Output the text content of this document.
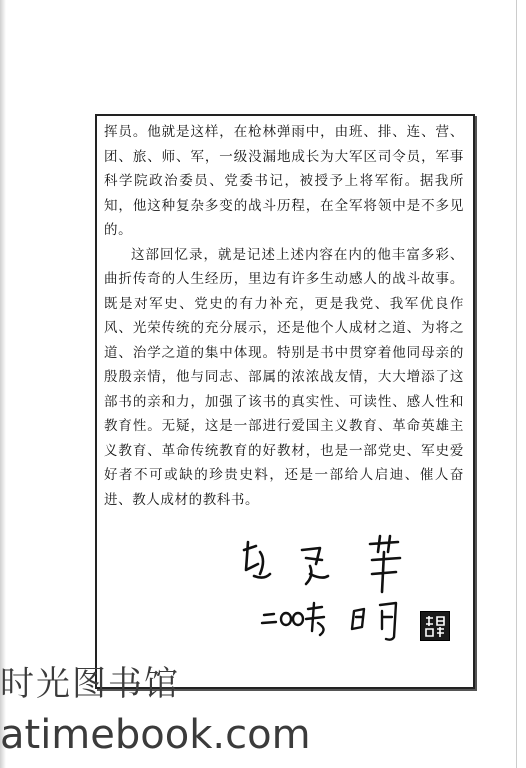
挥员。他就是这样，在枪林弹雨中，由班、排、连、营、团、旅、师、军，一级没漏地成长为大军区司令员，军事科学院政治委员、党委书记，被授予上将军衔。据我所知，他这种复杂多变的战斗历程，在全军将领中是不多见的。

这部回忆录，就是记述上述内容在内的他丰富多彩、曲折传奇的人生经历，里边有许多生动感人的战斗故事。既是对军史、党史的有力补充，更是我党、我军优良作风、光荣传统的充分展示，还是他个人成材之道、为将之道、治学之道的集中体现。特别是书中贯穿着他同母亲的殷殷亲情，他与同志、部属的浓浓战友情，大大增添了这部书的亲和力，加强了该书的真实性、可读性、感人性和教育性。无疑，这是一部进行爱国主义教育、革命英雄主义教育、革命传统教育的好教材，也是一部党史、军史爱好者不可或缺的珍贵史料，还是一部给人启迪、催人奋进、教人成材的教科书。

时光图书馆
atimebook.com
